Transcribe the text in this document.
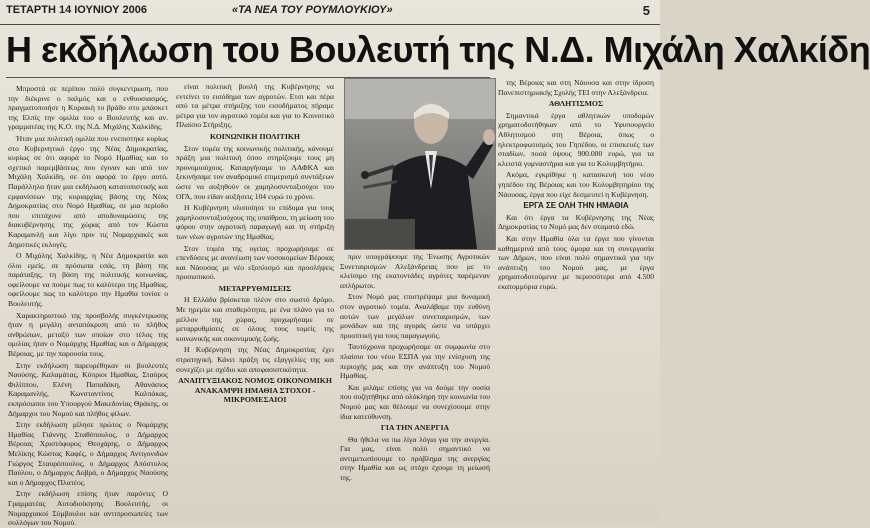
ΤΕΤΑΡΤΗ 14 ΙΟΥΝΙΟΥ 2006	«ΤΑ ΝΕΑ ΤΟΥ ΡΟΥΜΛΟΥΚΙΟΥ»	5
Η εκδήλωση του Βουλευτή της Ν.Δ. Μιχάλη Χαλκίδη

Μπροστά σε περίπου πολύ συγκεντρωση, που την διέκρινε ο παλμός και ο ενθουσιασμός, πραγματοποιήσε η Κυριακή το βράδυ στο μπάσκετ της Ελπίς την ομιλία του ο Βουλευτής και αν. γραμματέας της Κ.Ο. της Ν.Δ. Μιχάλης Χαλκίδης.

Ήταν μια πολιτική ομιλία που ενεπιστηκε κυρίως στο Κυβερνητικό έργο της Νέας Δημοκρατίας, κυρίως σε ότι αφορά το Νομό Ημαθίας και το σχετικό παρεμβάσεως που έγιναν και από τον Μιχάλη Χαλκίδη, σε ότι αφορά το έργο αυτό. Παράλληλα ήταν μια εκδήλωση κατατοπιστικής και εμφανίσεων της κυριαρχίας βάσης της Νέας Δημοκρατίας στο Νομό Ημαθίας, σε μια περίοδο που επιτάχυνε από αποδυναμώσεις της διακυβέρνησης της χώρας από τον Κώστα Καραμανλή και λίγο πριν τις Νομαρχιακές και Δημοτικές εκλογές.

Ο Μιχάλης Χαλκίδης, η Νέα Δημοκρατία και όλοι εμείς, σε πρόσωπα εσάς, τη βάση της παράταξης, τη βάση της πολιτικής κοινωνίας, οφείλουμε να πούμε πως το καλύτερο της Ημαθίας, οφείλουμε πως το καλύτερο την Ημαθία τονίσε ο Βουλευτής.

Χαρακτηριστικό της προσβολής συγκέντρωσης ήταν η μεγάλη ανταπόκριση από το πλήθος ανθρώπων, μεταξύ των οποίων στο τέλος της ομιλίας ήταν ο Νομάρχης Ημαθίας και ο Δήμαρχος Βέροιας, με την παρουσία τους.

Στην εκδήλωση παρευρέθηκαν οι βουλευτές Ναούσης, Καλαμάτας, Κύπριοι Ημαθίας, Σταύρος Φιλίππου, Ελένη Παπαδάκη, Αθανάσιος Καραμανλής, Κωνσταντίνος Καλπάκας, εκπρόσωποι του Υπουργού Μακεδονίας Θράκης, οι Δήμαρχοι του Νομού και πλήθος φίλων.

Στην εκδήλωση μίλησε πρώτος ο Νομάρχης Ημαθίας Γιάννης Σταθόπουλος, ο Δήμαρχος Βέροιας Χριστόφορος Θεοχάρης, ο Δήμαρχος Μελίκης Κώστας Καφές, ο Δήμαρχος Αντιγονιδών Γιώργος Σταυρόπουλος, ο Δήμαρχος Απόστολος Παύλου, ο Δήμαρχος Δοβρά, ο Δήμαρχος Ναούσης και ο Δήμαρχος Πλατέος.

Στην εκδήλωση επίσης ήταν παρόντες Ο Γραμματέας Αυτοδιοίκησης Βουλευτής, οι Νομαρχιακοί Σύμβουλοι και αντιπροσωπείες των συλλόγων του Νομού.

είναι πολιτική βουλή της Κυβέρνησης να εντείνει το εισόδημα των αγροτών. Ετσι και πέρα από τα μέτρα στήριξης του εισοδήματος πήραμε μέτρα για τον αγροτικό τομέα και για το Κοινοτικό Πλαίσιο Στήριξης.

ΚΟΙΝΩΝΙΚΗ ΠΟΛΙΤΙΚΗ

Στον τομέα της κοινωνικής πολιτικής, κάνουμε πράξη μια πολιτική όπου στηρίζουμε τους μη προνομιούχους. Καταργήσαμε το ΛΑΦΚΑ και ξεκινήσαμε τον αναδρομικό επιμερισμό συντάξεων ώστε να αυξηθούν οι χαμηλοσυνταξιούχοι του ΟΓΑ, που είδαν αυξήσεις 104 ευρώ το χρόνο.

Η Κυβέρνηση υλοποίησε το επίδομα για τους χαμηλοσυνταξιούχους της υπαίθρου, τη μείωση του φόρου στην αγροτική παραγωγή και τη στήριξη των νέων αγροτών της Ημαθίας.

Στον τομέα της υγείας προχωρήσαμε σε επενδύσεις με ανανέωση των νοσοκομείων Βέροιας και Νάουσας με νέο εξοπλισμό και προσλήψεις προσωπικού.

ΜΕΤΑΡΡΥΘΜΙΣΕΙΣ

Η Ελλάδα βρίσκεται πλέον στο σωστό δρόμο. Με ηρεμία και σταθερότητα, με ένα πλάνο για το μέλλον της χώρας, προχωρήσαμε σε μεταρρυθμίσεις σε όλους τους τομείς της κοινωνικής και οικονομικής ζωής.

Η Κυβέρνηση της Νέας Δημοκρατίας έχει στρατηγική. Κάνει πράξη τις εξαγγελίες της και συνεχίζει με σχέδιο και αποφασιστικότητα.

ΑΝΑΠΤΥΞΙΑΚΟΣ ΝΟΜΟΣ ΟΙΚΟΝΟΜΙΚΗ ΑΝΑΚΑΜΨΗ ΗΜΑΘΙΑ ΣΤΟΧΟΙ - ΜΙΚΡΟΜΕΣΑΙΟΙ

πριν υπογράψουμε της Ένωσης Αγροτικών Συνεταιρισμών Αλεξάνδρειας που με το κλείσιμο της εκατοντάδες αγρότες παρέμεναν απλήρωτοι.

Στον Νομό μας επιστρέψαμε μια δυναμική στον αγροτικό τομέα. Αναλάβαμε την ευθύνη αυτών των μεγάλων συνεταιρισμών, των μονάδων και της αγοράς ώστε να υπάρχει προοπτική για τους παραγωγούς.

Ταυτόχρονα προχωρήσαμε σε συμφωνία στο πλαίσιο του νέου ΕΣΠΑ για την ενίσχυση της περιοχής μας και την ανάπτυξη του Νομού Ημαθίας.

Και μιλάμε επίσης για να δούμε την ουσία που συζητήθηκε από ολόκληρη την κοινωνία του Νομού μας και θέλουμε να συνεχίσουμε στην ίδια κατεύθυνση.

ΓΙΑ ΤΗΝ ΑΝΕΡΓΙΑ

Θα ήθελα να πω λίγα λόγια για την ανεργία. Για μας, είναι πολύ σημαντικό να αντιμετωπίσουμε το πρόβλημα της ανεργίας στην Ημαθία και ως στόχο έχουμε τη μείωσή της.

της Βέροιας και στη Νάουσα και στην ίδρυση Πανεπιστημιακής Σχολής ΤΕΙ στην Αλεξάνδρεια.

ΑΘΛΗΤΙΣΜΟΣ

Σημαντικά έργα αθλητικών υποδομών χρηματοδοτήθηκαν από το Υφυπουργείο Αθλητισμού στη Βέροια, όπως ο ηλεκτροφωτισμός του Γηπέδου, οι επισκευές των σταδίων, ποσά ύψους 900.000 ευρώ, για τα κλειστά γυμναστήρια και για το Κολυμβητήριο.

Ακόμα, εγκρίθηκε η κατασκευή του νέου γηπέδου της Βέροιας και του Κολυμβητηρίου της Νάουσας, έργα που είχε δεσμευτεί η Κυβέρνηση.

ΕΡΓΑ ΣΕ ΟΛΗ ΤΗΝ ΗΜΑΘΙΑ

Και ότι έργα τα Κυβέρνησης της Νέας Δημοκρατίας το Νομό μας δεν σταματά εδώ.

Και στην Ημαθία όλα τα έργα που γίνονται καθημερινά από τους όμορα και τη συνεργασία των Δήμων, που είναι πολύ σημαντικά για την ανάπτυξη του Νομού μας, με έργα χρηματοδοτούμενα με περισσότερα από 4.500 εκατομμύρια ευρώ.
